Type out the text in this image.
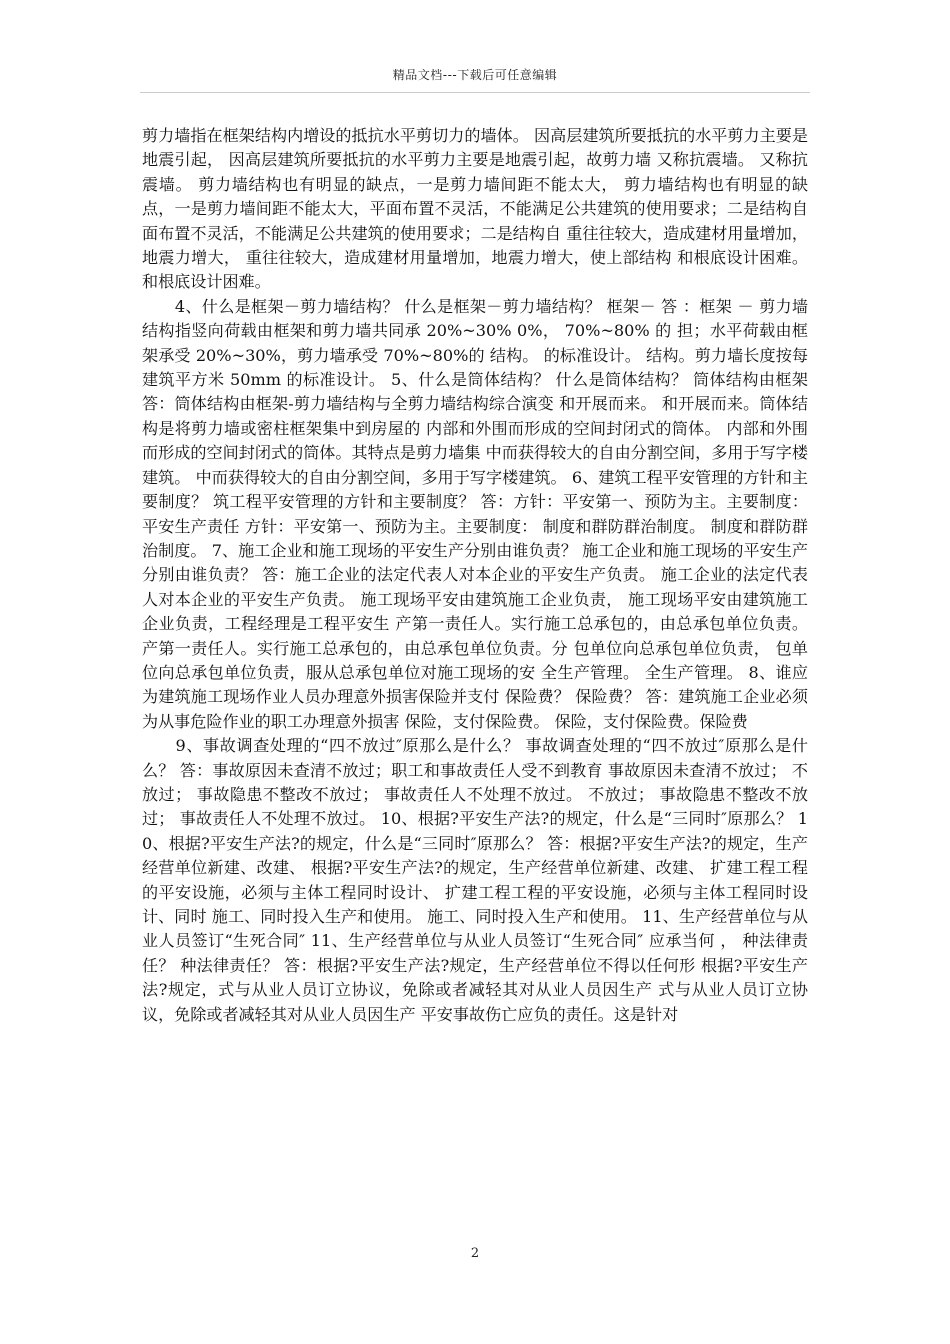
精品文档---下载后可任意编辑

剪力墙指在框架结构内增设的抵抗水平剪切力的墙体。 因高层建筑所要抵抗的水平剪力主要是地震引起， 因高层建筑所要抵抗的水平剪力主要是地震引起，故剪力墙 又称抗震墙。 又称抗震墙。 剪力墙结构也有明显的缺点，一是剪力墙间距不能太大， 剪力墙结构也有明显的缺点，一是剪力墙间距不能太大，平面布置不灵活，不能满足公共建筑的使用要求；二是结构自 面布置不灵活，不能满足公共建筑的使用要求；二是结构自 重往往较大，造成建材用量增加，地震力增大， 重往往较大，造成建材用量增加，地震力增大，使上部结构 和根底设计困难。 和根底设计困难。

　　4、什么是框架－剪力墙结构？ 什么是框架－剪力墙结构？ 框架－ 答 ：框架 － 剪力墙结构指竖向荷载由框架和剪力墙共同承 20%~30% 0%， 70%~80% 的 担；水平荷载由框架承受 20%~30%，剪力墙承受 70%~80%的 结构。 的标准设计。 结构。剪力墙长度按每建筑平方米 50mm 的标准设计。 5、什么是筒体结构？ 什么是筒体结构？ 筒体结构由框架答：筒体结构由框架-剪力墙结构与全剪力墙结构综合演变 和开展而来。 和开展而来。筒体结构是将剪力墙或密柱框架集中到房屋的 内部和外围而形成的空间封闭式的筒体。 内部和外围而形成的空间封闭式的筒体。其特点是剪力墙集 中而获得较大的自由分割空间，多用于写字楼建筑。 中而获得较大的自由分割空间，多用于写字楼建筑。 6、建筑工程平安管理的方针和主要制度？ 筑工程平安管理的方针和主要制度？ 答：方针：平安第一、预防为主。主要制度：平安生产责任 方针：平安第一、预防为主。主要制度： 制度和群防群治制度。 制度和群防群治制度。 7、施工企业和施工现场的平安生产分别由谁负责？ 施工企业和施工现场的平安生产分别由谁负责？ 答：施工企业的法定代表人对本企业的平安生产负责。 施工企业的法定代表人对本企业的平安生产负责。 施工现场平安由建筑施工企业负责， 施工现场平安由建筑施工企业负责，工程经理是工程平安生 产第一责任人。实行施工总承包的，由总承包单位负责。 产第一责任人。实行施工总承包的，由总承包单位负责。分 包单位向总承包单位负责， 包单位向总承包单位负责，服从总承包单位对施工现场的安 全生产管理。 全生产管理。 8、谁应为建筑施工现场作业人员办理意外损害保险并支付 保险费？ 保险费？ 答：建筑施工企业必须为从事危险作业的职工办理意外损害 保险，支付保险费。 保险，支付保险费。保险费

　　9、事故调查处理的“四不放过″原那么是什么？ 事故调查处理的“四不放过″原那么是什么？ 答：事故原因未查清不放过；职工和事故责任人受不到教育 事故原因未查清不放过； 不放过； 事故隐患不整改不放过； 事故责任人不处理不放过。 不放过； 事故隐患不整改不放过； 事故责任人不处理不放过。 10、根据?平安生产法?的规定，什么是“三同时″原那么？ 10、根据?平安生产法?的规定，什么是“三同时″原那么？ 答：根据?平安生产法?的规定，生产经营单位新建、改建、 根据?平安生产法?的规定，生产经营单位新建、改建、 扩建工程工程的平安设施，必须与主体工程同时设计、 扩建工程工程的平安设施，必须与主体工程同时设计、同时 施工、同时投入生产和使用。 施工、同时投入生产和使用。 11、生产经营单位与从业人员签订“生死合同″ 11、生产经营单位与从业人员签订“生死合同″ 应承当何 ， 种法律责任？ 种法律责任？ 答：根据?平安生产法?规定，生产经营单位不得以任何形 根据?平安生产法?规定，式与从业人员订立协议，免除或者减轻其对从业人员因生产 式与从业人员订立协议，免除或者减轻其对从业人员因生产 平安事故伤亡应负的责任。这是针对

2
